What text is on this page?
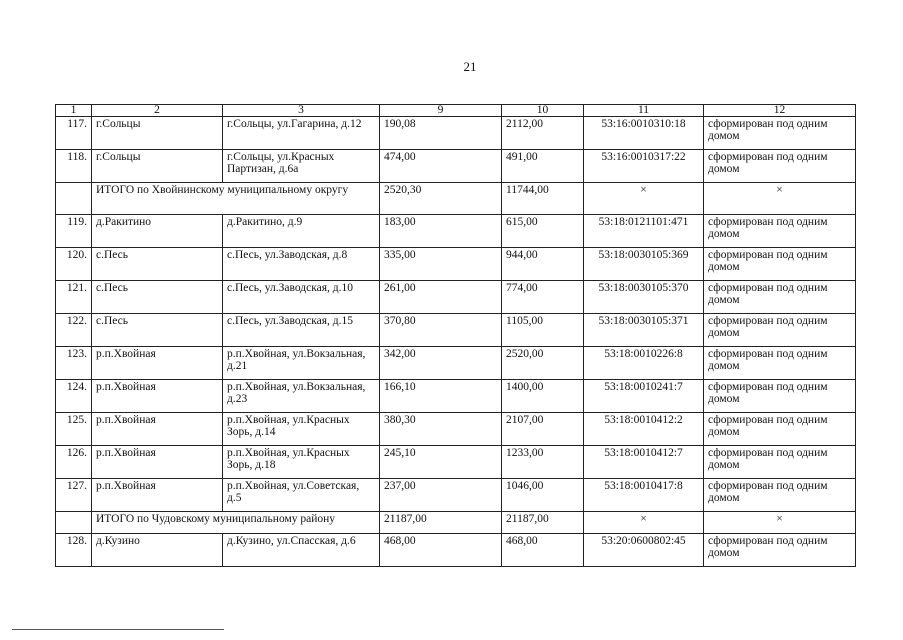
21
1	2	3	9	10	11	12
117.	г.Сольцы	г.Сольцы, ул.Гагарина, д.12	190,08	2112,00	53:16:0010310:18	сформирован под одним домом
118.	г.Сольцы	г.Сольцы, ул.Красных Партизан, д.6а	474,00	491,00	53:16:0010317:22	сформирован под одним домом
	ИТОГО по Хвойнинскому муниципальному округу		2520,30	11744,00	×	×
119.	д.Ракитино	д.Ракитино, д.9	183,00	615,00	53:18:0121101:471	сформирован под одним домом
120.	с.Песь	с.Песь, ул.Заводская, д.8	335,00	944,00	53:18:0030105:369	сформирован под одним домом
121.	с.Песь	с.Песь, ул.Заводская, д.10	261,00	774,00	53:18:0030105:370	сформирован под одним домом
122.	с.Песь	с.Песь, ул.Заводская, д.15	370,80	1105,00	53:18:0030105:371	сформирован под одним домом
123.	р.п.Хвойная	р.п.Хвойная, ул.Вокзальная, д.21	342,00	2520,00	53:18:0010226:8	сформирован под одним домом
124.	р.п.Хвойная	р.п.Хвойная, ул.Вокзальная, д.23	166,10	1400,00	53:18:0010241:7	сформирован под одним домом
125.	р.п.Хвойная	р.п.Хвойная, ул.Красных Зорь, д.14	380,30	2107,00	53:18:0010412:2	сформирован под одним домом
126.	р.п.Хвойная	р.п.Хвойная, ул.Красных Зорь, д.18	245,10	1233,00	53:18:0010412:7	сформирован под одним домом
127.	р.п.Хвойная	р.п.Хвойная, ул.Советская, д.5	237,00	1046,00	53:18:0010417:8	сформирован под одним домом
	ИТОГО по Чудовскому муниципальному району		21187,00	21187,00	×	×
128.	д.Кузино	д.Кузино, ул.Спасская, д.6	468,00	468,00	53:20:0600802:45	сформирован под одним домом
